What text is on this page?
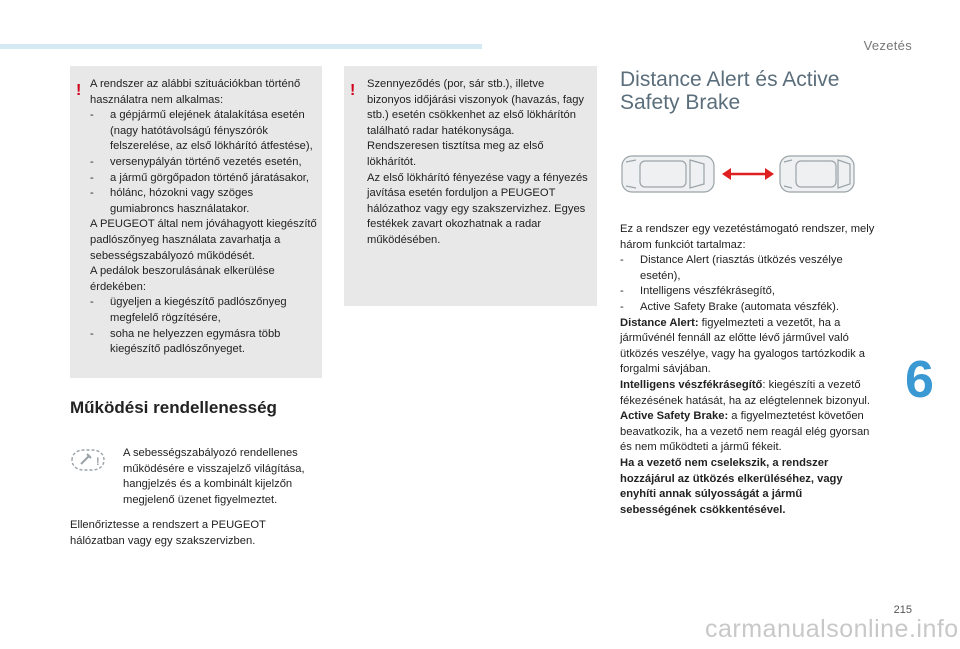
Vezetés
! A rendszer az alábbi szituációkban történő használatra nem alkalmas:

-	a gépjármű elejének átalakítása esetén (nagy hatótávolságú fényszórók felszerelése, az első lökhárító átfestése),
-	versenypályán történő vezetés esetén,
-	a jármű görgőpadon történő járatásakor,
-	hólánc, hózokni vagy szöges gumiabroncs használatakor.

A PEUGEOT által nem jóváhagyott kiegészítő padlószőnyeg használata zavarhatja a sebességszabályozó működését.

A pedálok beszorulásának elkerülése érdekében:

-	ügyeljen a kiegészítő padlószőnyeg megfelelő rögzítésére,
-	soha ne helyezzen egymásra több kiegészítő padlószőnyeget.
! Szennyeződés (por, sár stb.), illetve bizonyos időjárási viszonyok (havazás, fagy stb.) esetén csökkenhet az első lökhárítón található radar hatékonysága.

Rendszeresen tisztítsa meg az első lökhárítót.

Az első lökhárító fényezése vagy a fényezés javítása esetén forduljon a PEUGEOT hálózathoz vagy egy szakszervizhez. Egyes festékek zavart okozhatnak a radar működésében.

Működési rendellenesség
!
A sebességszabályozó rendellenes működésére e visszajelző világítása, hangjelzés és a kombinált kijelzőn megjelenő üzenet figyelmeztet.
Ellenőriztesse a rendszert a PEUGEOT hálózatban vagy egy szakszervizben.
Distance Alert és Active
Safety Brake

Ez a rendszer egy vezetéstámogató rendszer, mely három funkciót tartalmaz:

-	Distance Alert (riasztás ütközés veszélye esetén),
-	Intelligens vészfékrásegítő,
-	Active Safety Brake (automata vészfék).

Distance Alert: figyelmezteti a vezetőt, ha a járművénél fennáll az előtte lévő járművel való ütközés veszélye, vagy ha gyalogos tartózkodik a forgalmi sávjában.

Intelligens vészfékrásegítő: kiegészíti a vezető fékezésének hatását, ha az elégtelennek bizonyul.

Active Safety Brake: a figyelmeztetést követően beavatkozik, ha a vezető nem reagál elég gyorsan és nem működteti a jármű fékeit.

Ha a vezető nem cselekszik, a rendszer hozzájárul az ütközés elkerüléséhez, vagy enyhíti annak súlyosságát a jármű sebességének csökkentésével.

6
215
carmanualsonline.info
